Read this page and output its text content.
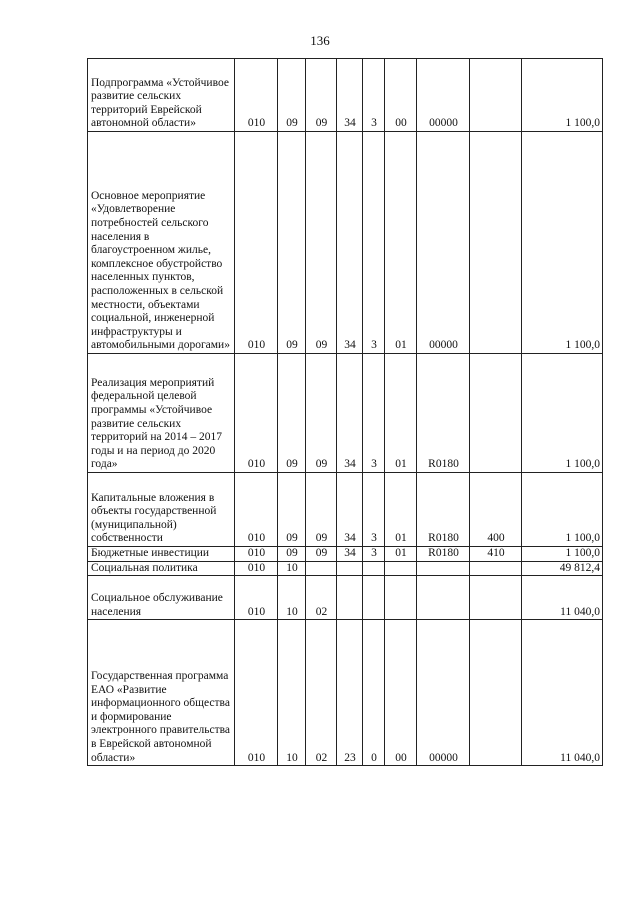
136
Подпрограмма «Устойчивое развитие сельских территорий Еврейской автономной области»	010	09	09	34	3	00	00000		1 100,0
Основное мероприятие «Удовлетворение потребностей сельского населения в благоустроенном жилье, комплексное обустройство населенных пунктов, расположенных в сельской местности, объектами социальной, инженерной инфраструктуры и автомобильными дорогами»	010	09	09	34	3	01	00000		1 100,0
Реализация мероприятий федеральной целевой программы «Устойчивое развитие сельских территорий на 2014 – 2017 годы и на период до 2020 года»	010	09	09	34	3	01	R0180		1 100,0
Капитальные вложения в объекты государственной (муниципальной) собственности	010	09	09	34	3	01	R0180	400	1 100,0
Бюджетные инвестиции	010	09	09	34	3	01	R0180	410	1 100,0
Социальная политика	010	10							49 812,4
Социальное обслуживание населения	010	10	02						11 040,0
Государственная программа ЕАО «Развитие информационного общества и формирование электронного правительства в Еврейской автономной области»	010	10	02	23	0	00	00000		11 040,0
